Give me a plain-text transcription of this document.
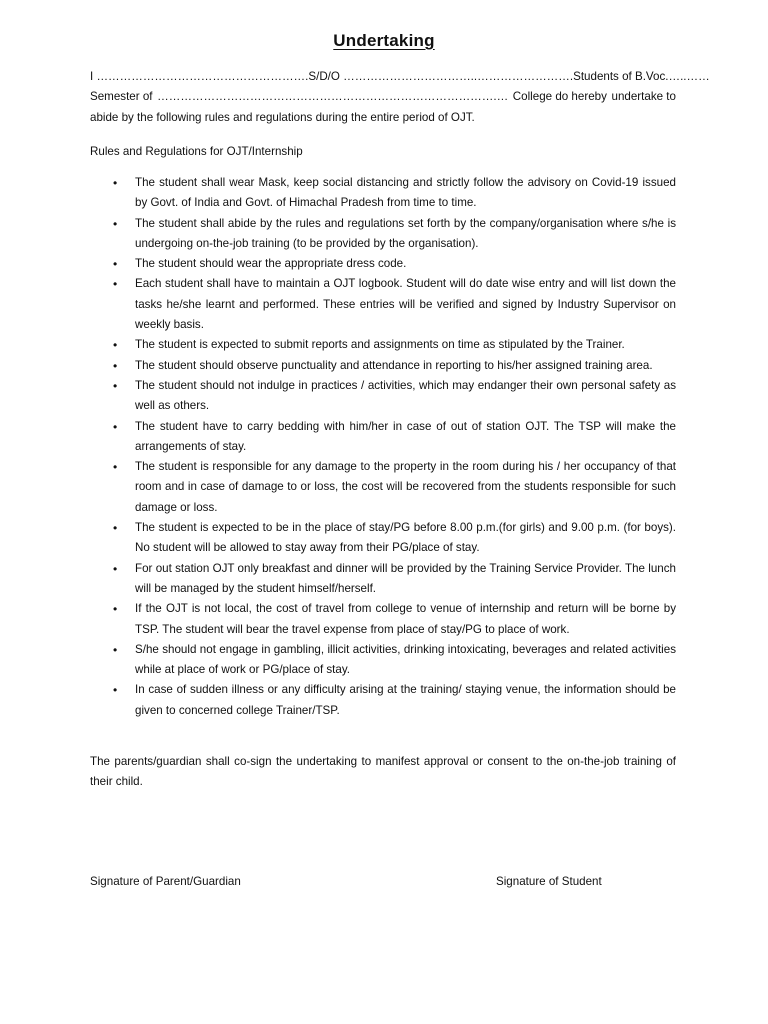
Undertaking
I ………………………………………………. S/D/O ……………………………..……………………. Students of B.Voc. …..……
Semester of …………………………………………………………………………….… College do hereby undertake to
abide by the following rules and regulations during the entire period of OJT.
Rules and Regulations for OJT/Internship
• The student shall wear Mask, keep social distancing and strictly follow the advisory on Covid-19 issued by Govt. of India and Govt. of Himachal Pradesh from time to time.
• The student shall abide by the rules and regulations set forth by the company/organisation where s/he is undergoing on-the-job training (to be provided by the organisation).
• The student should wear the appropriate dress code.
• Each student shall have to maintain a OJT logbook. Student will do date wise entry and will list down the tasks he/she learnt and performed. These entries will be verified and signed by Industry Supervisor on weekly basis.
• The student is expected to submit reports and assignments on time as stipulated by the Trainer.
• The student should observe punctuality and attendance in reporting to his/her assigned training area.
• The student should not indulge in practices / activities, which may endanger their own personal safety as well as others.
• The student have to carry bedding with him/her in case of out of station OJT. The TSP will make the arrangements of stay.
• The student is responsible for any damage to the property in the room during his / her occupancy of that room and in case of damage to or loss, the cost will be recovered from the students responsible for such damage or loss.
• The student is expected to be in the place of stay/PG before 8.00 p.m.(for girls) and 9.00 p.m. (for boys). No student will be allowed to stay away from their PG/place of stay.
• For out station OJT only breakfast and dinner will be provided by the Training Service Provider. The lunch will be managed by the student himself/herself.
• If the OJT is not local, the cost of travel from college to venue of internship and return will be borne by TSP. The student will bear the travel expense from place of stay/PG to place of work.
• S/he should not engage in gambling, illicit activities, drinking intoxicating, beverages and related activities while at place of work or PG/place of stay.
• In case of sudden illness or any difficulty arising at the training/ staying venue, the information should be given to concerned college Trainer/TSP.
The parents/guardian shall co-sign the undertaking to manifest approval or consent to the on-the-job training of their child.
Signature of Parent/Guardian	Signature of Student
